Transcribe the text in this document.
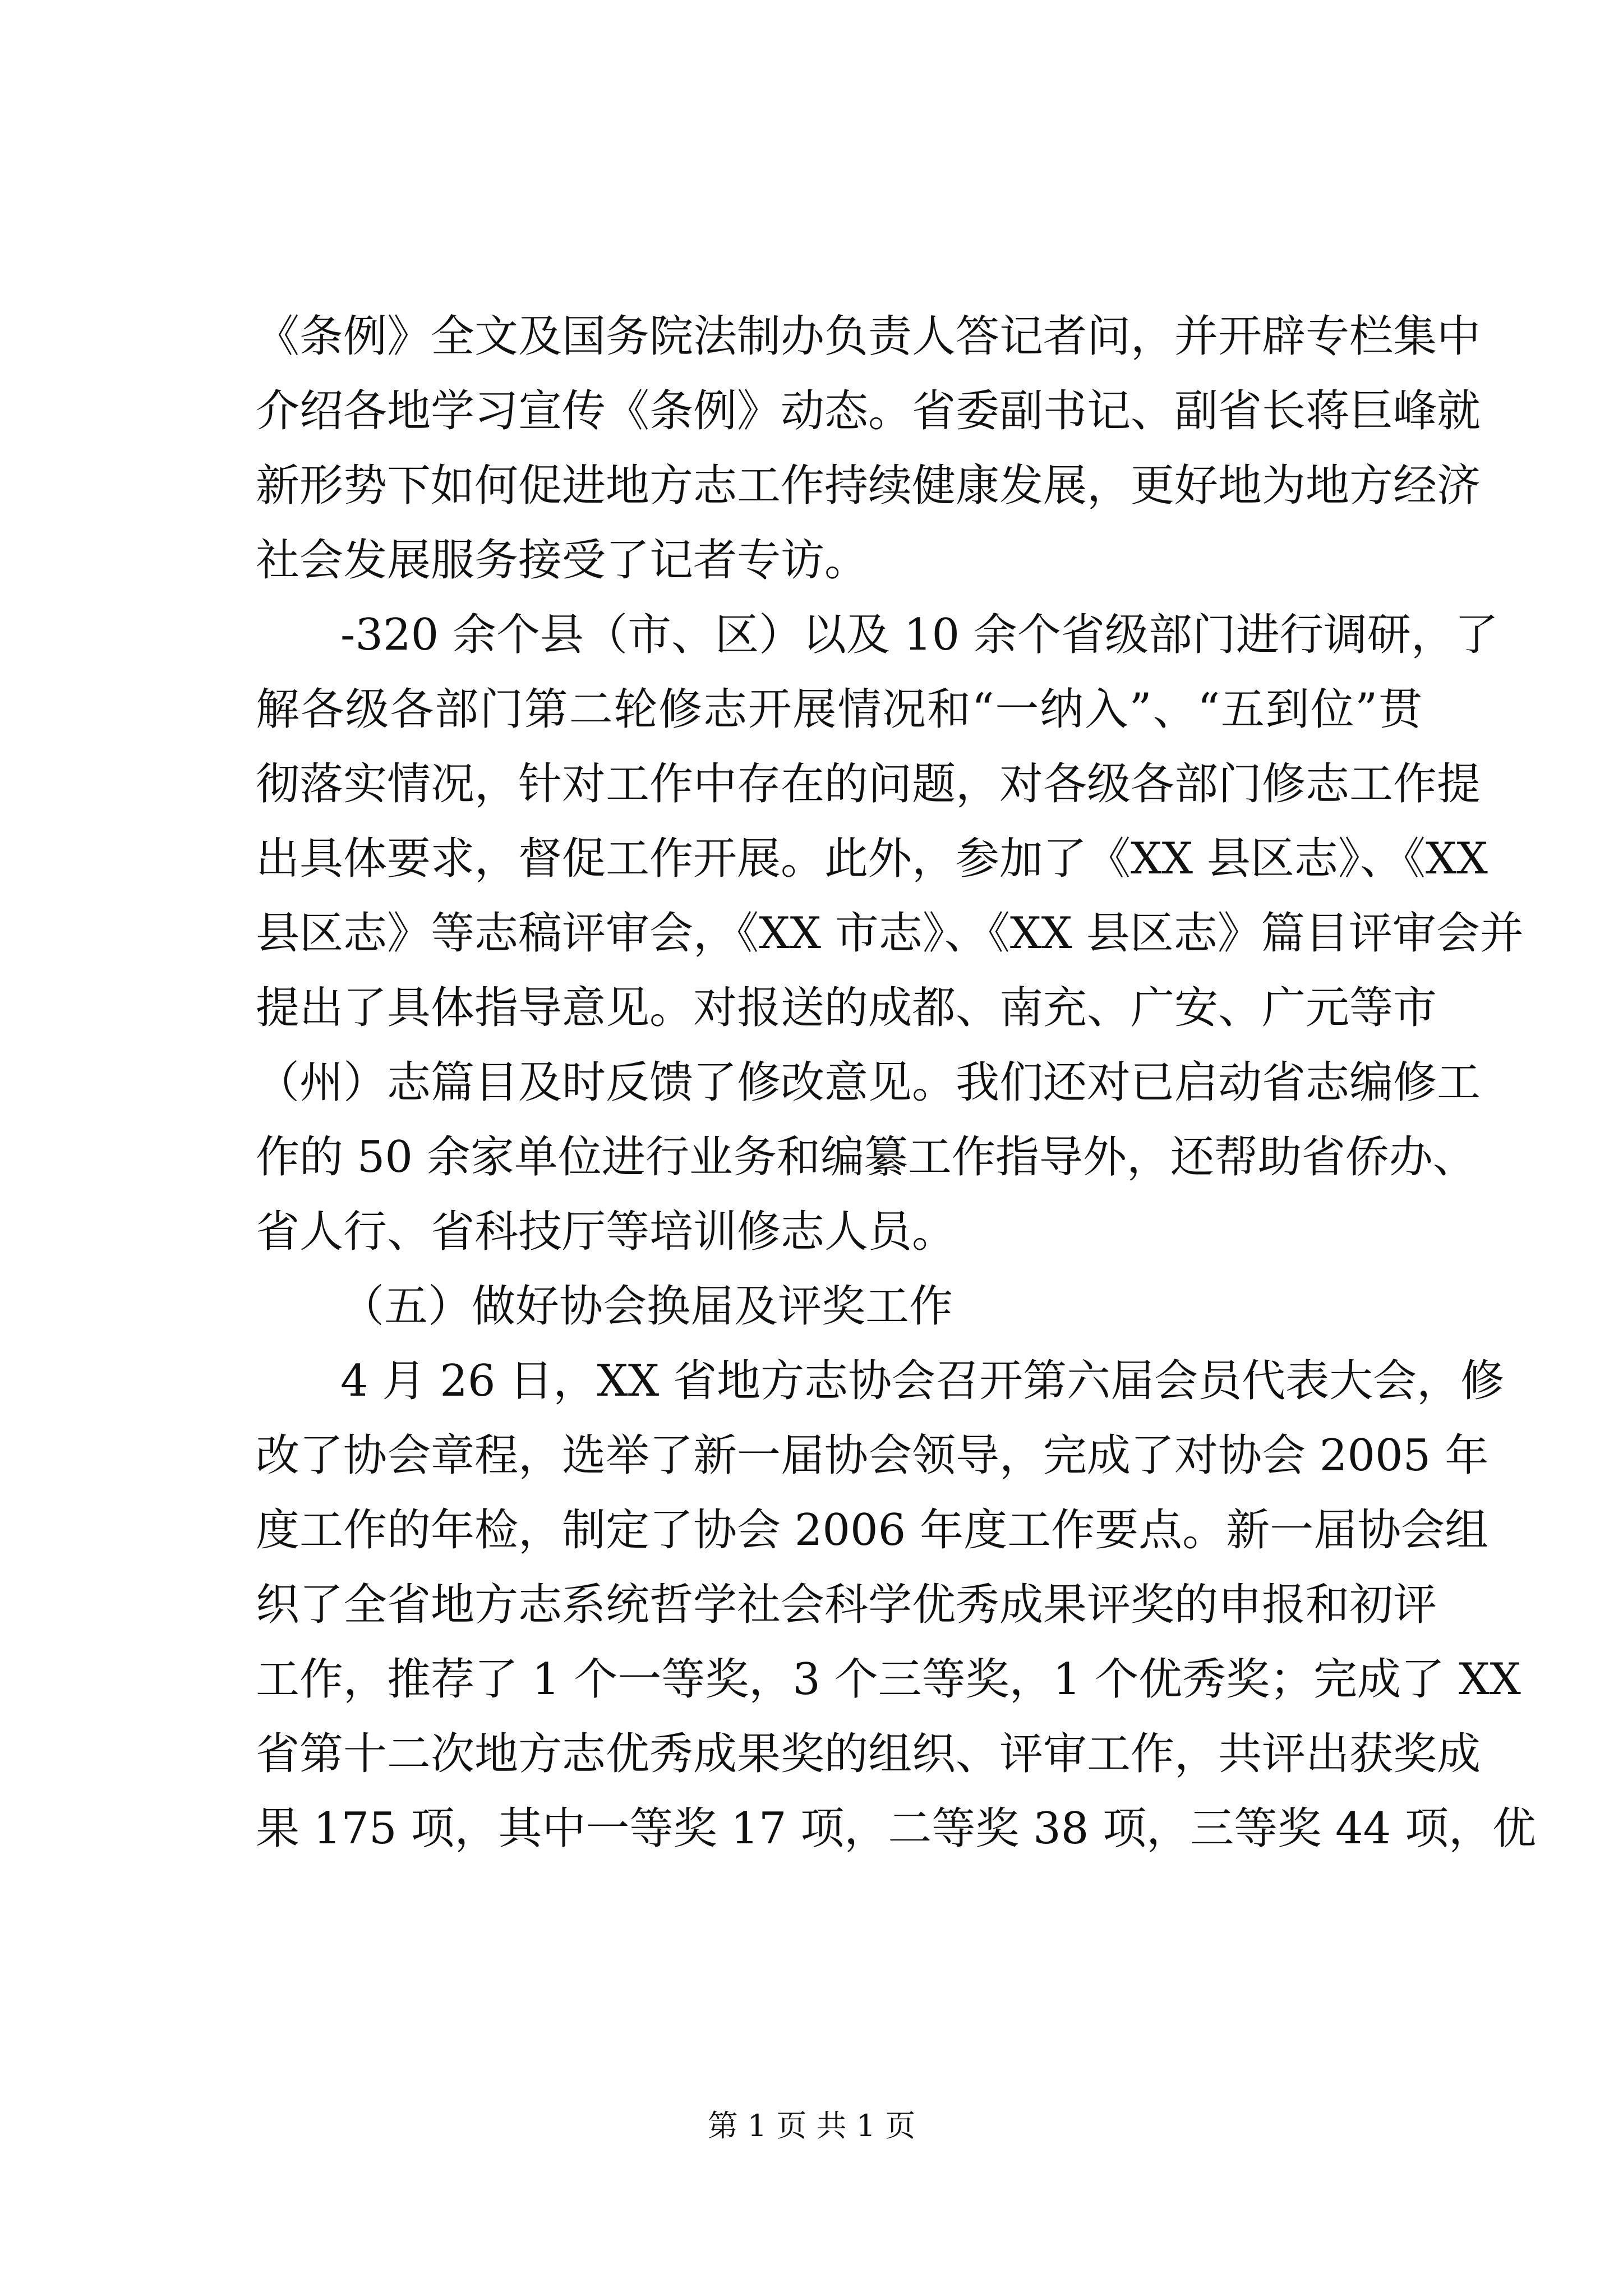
《条例》全文及国务院法制办负责人答记者问，并开辟专栏集中
介绍各地学习宣传《条例》动态。省委副书记、副省长蒋巨峰就
新形势下如何促进地方志工作持续健康发展，更好地为地方经济
社会发展服务接受了记者专访。
-320 余个县（市、区）以及 10 余个省级部门进行调研，了
解各级各部门第二轮修志开展情况和“一纳入”、“五到位”贯
彻落实情况，针对工作中存在的问题，对各级各部门修志工作提
出具体要求，督促工作开展。此外，参加了《XX 县区志》、《XX
县区志》等志稿评审会，《XX 市志》、《XX 县区志》篇目评审会并
提出了具体指导意见。对报送的成都、南充、广安、广元等市
（州）志篇目及时反馈了修改意见。我们还对已启动省志编修工
作的 50 余家单位进行业务和编纂工作指导外，还帮助省侨办、
省人行、省科技厅等培训修志人员。
（五）做好协会换届及评奖工作
4 月 26 日，XX 省地方志协会召开第六届会员代表大会，修
改了协会章程，选举了新一届协会领导，完成了对协会 2005 年
度工作的年检，制定了协会 2006 年度工作要点。新一届协会组
织了全省地方志系统哲学社会科学优秀成果评奖的申报和初评
工作，推荐了 1 个一等奖，3 个三等奖，1 个优秀奖；完成了 XX
省第十二次地方志优秀成果奖的组织、评审工作，共评出获奖成
果 175 项，其中一等奖 17 项，二等奖 38 项，三等奖 44 项，优
第 1 页 共 1 页
